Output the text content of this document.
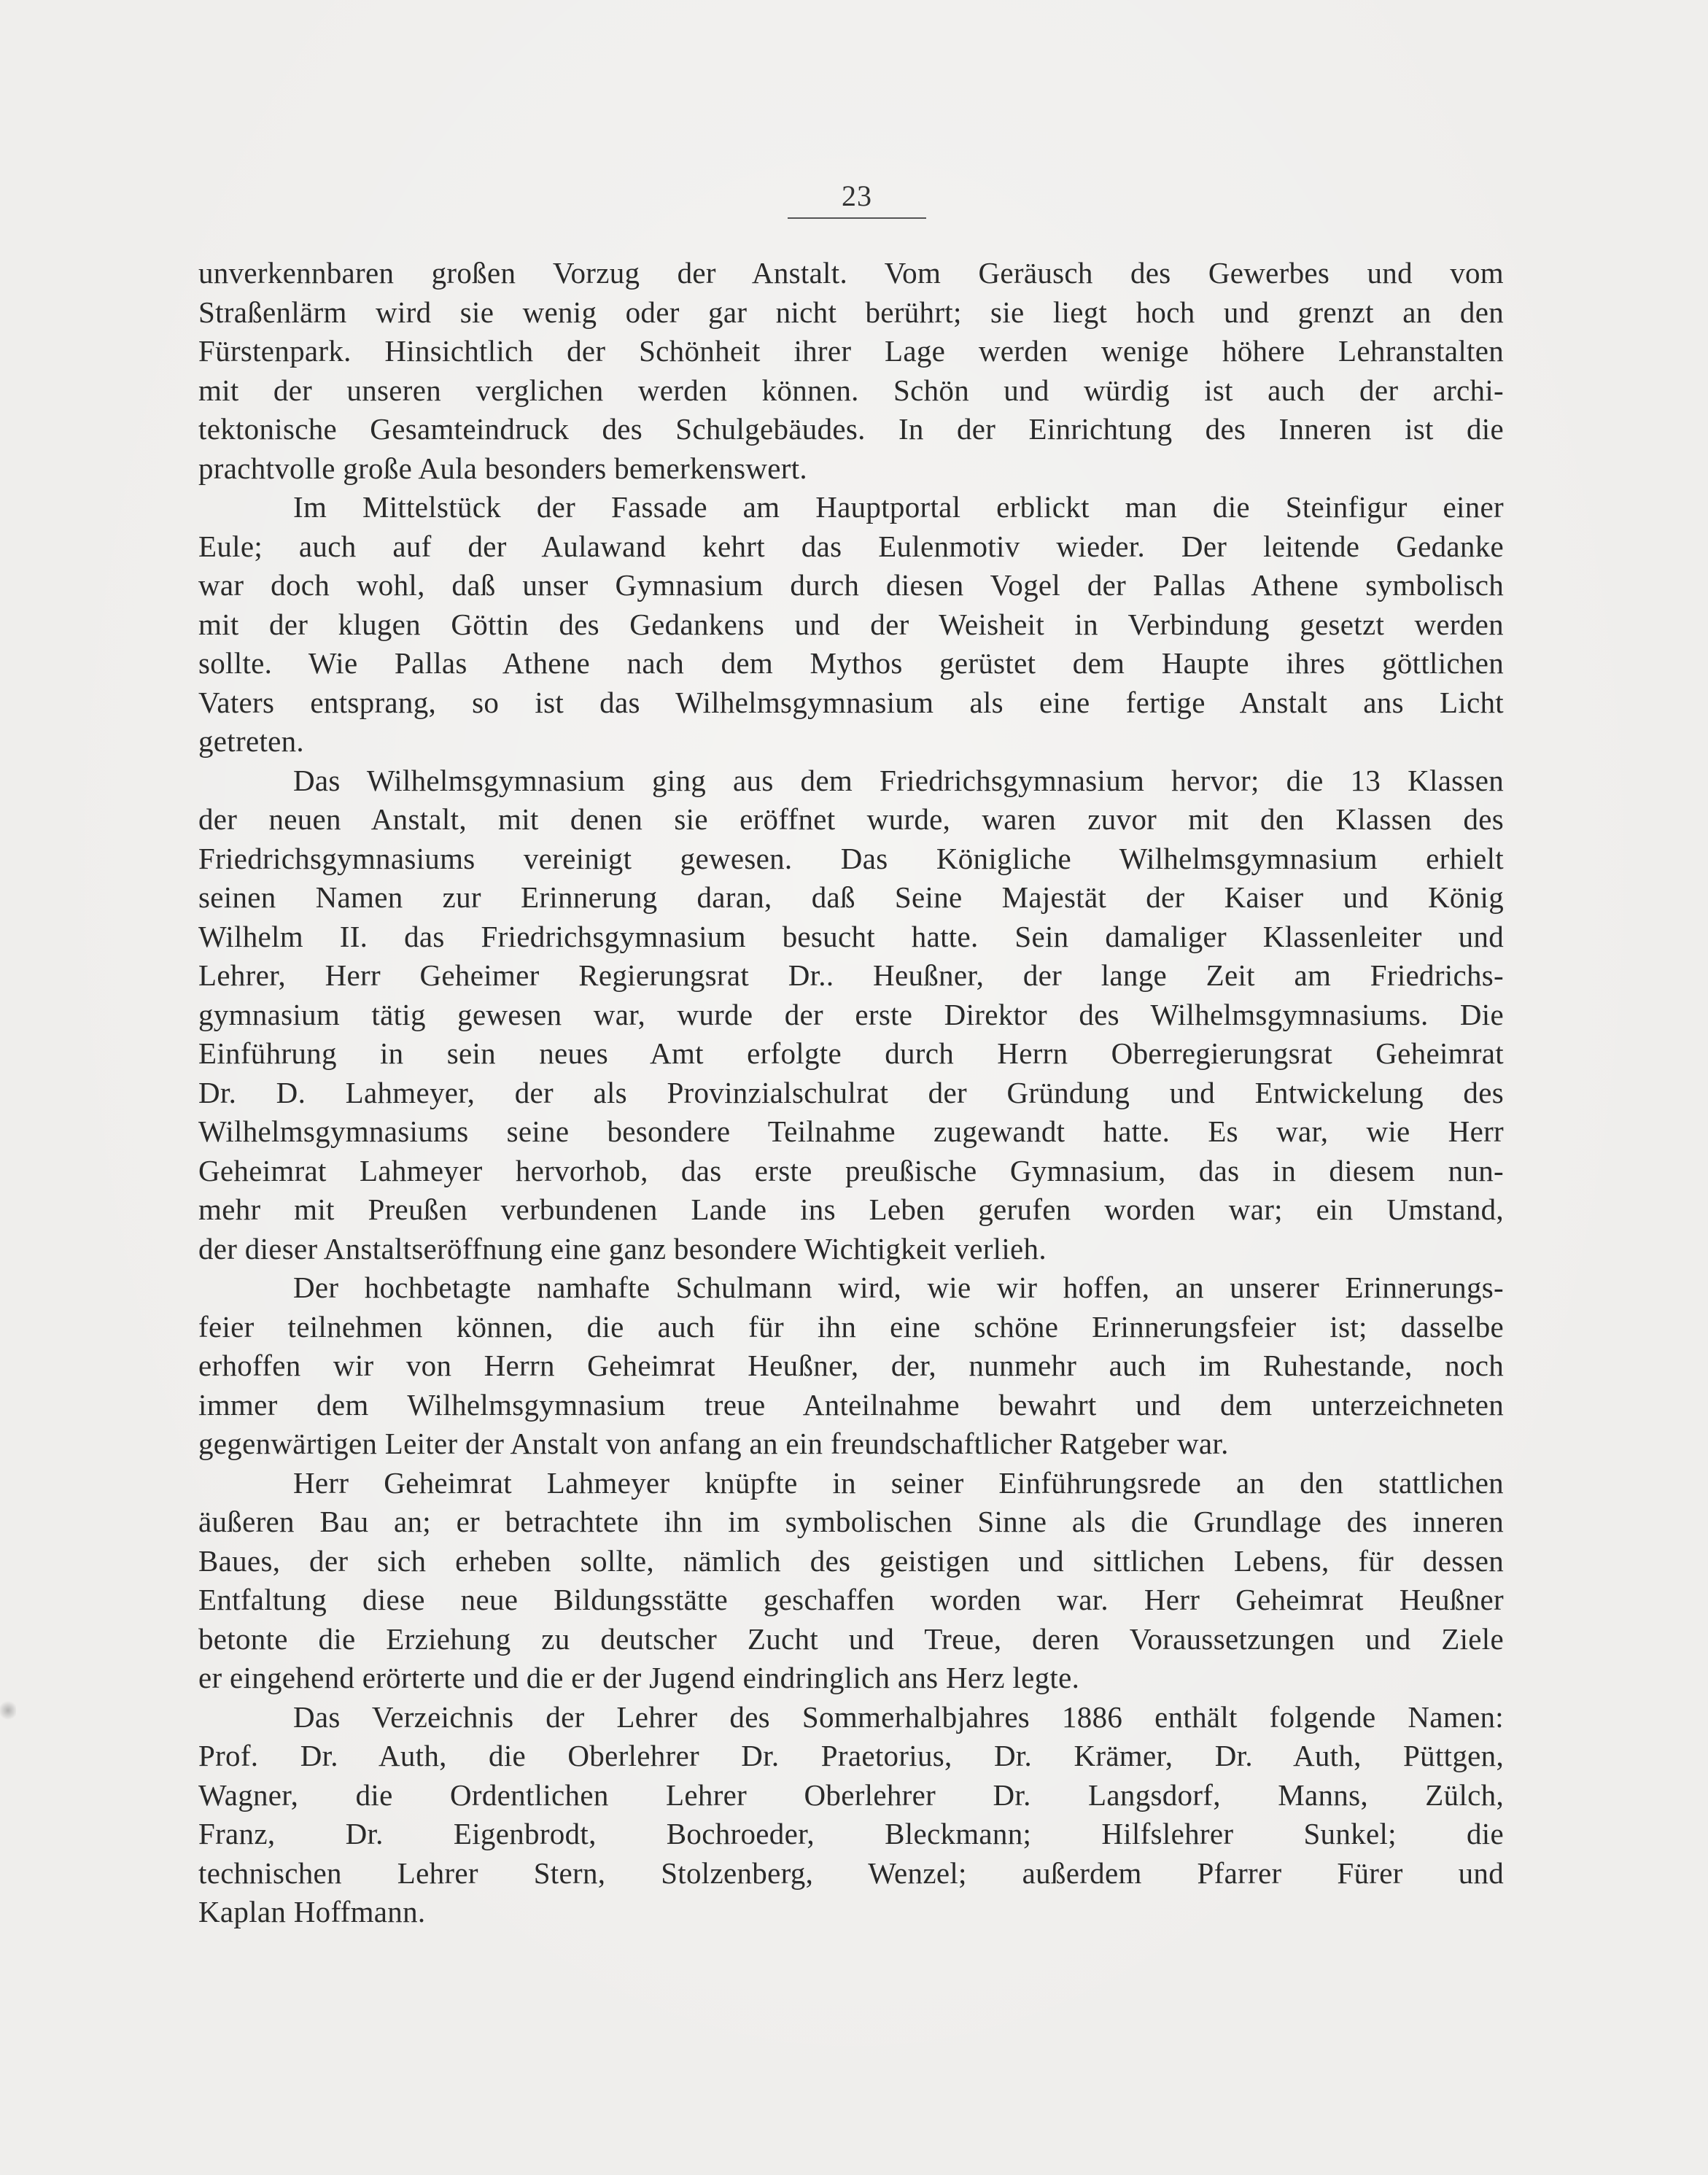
23
unverkennbaren großen Vorzug der Anstalt. Vom Geräusch des Gewerbes und vom
Straßenlärm wird sie wenig oder gar nicht berührt; sie liegt hoch und grenzt an den
Fürstenpark. Hinsichtlich der Schönheit ihrer Lage werden wenige höhere Lehranstalten
mit der unseren verglichen werden können. Schön und würdig ist auch der archi-
tektonische Gesamteindruck des Schulgebäudes. In der Einrichtung des Inneren ist die
prachtvolle große Aula besonders bemerkenswert.
Im Mittelstück der Fassade am Hauptportal erblickt man die Steinfigur einer
Eule; auch auf der Aulawand kehrt das Eulenmotiv wieder. Der leitende Gedanke
war doch wohl, daß unser Gymnasium durch diesen Vogel der Pallas Athene symbolisch
mit der klugen Göttin des Gedankens und der Weisheit in Verbindung gesetzt werden
sollte. Wie Pallas Athene nach dem Mythos gerüstet dem Haupte ihres göttlichen
Vaters entsprang, so ist das Wilhelmsgymnasium als eine fertige Anstalt ans Licht
getreten.
Das Wilhelmsgymnasium ging aus dem Friedrichsgymnasium hervor; die 13 Klassen
der neuen Anstalt, mit denen sie eröffnet wurde, waren zuvor mit den Klassen des
Friedrichsgymnasiums vereinigt gewesen. Das Königliche Wilhelmsgymnasium erhielt
seinen Namen zur Erinnerung daran, daß Seine Majestät der Kaiser und König
Wilhelm II. das Friedrichsgymnasium besucht hatte. Sein damaliger Klassenleiter und
Lehrer, Herr Geheimer Regierungsrat Dr.. Heußner, der lange Zeit am Friedrichs-
gymnasium tätig gewesen war, wurde der erste Direktor des Wilhelmsgymnasiums. Die
Einführung in sein neues Amt erfolgte durch Herrn Oberregierungsrat Geheimrat
Dr. D. Lahmeyer, der als Provinzialschulrat der Gründung und Entwickelung des
Wilhelmsgymnasiums seine besondere Teilnahme zugewandt hatte. Es war, wie Herr
Geheimrat Lahmeyer hervorhob, das erste preußische Gymnasium, das in diesem nun-
mehr mit Preußen verbundenen Lande ins Leben gerufen worden war; ein Umstand,
der dieser Anstaltseröffnung eine ganz besondere Wichtigkeit verlieh.
Der hochbetagte namhafte Schulmann wird, wie wir hoffen, an unserer Erinnerungs-
feier teilnehmen können, die auch für ihn eine schöne Erinnerungsfeier ist; dasselbe
erhoffen wir von Herrn Geheimrat Heußner, der, nunmehr auch im Ruhestande, noch
immer dem Wilhelmsgymnasium treue Anteilnahme bewahrt und dem unterzeichneten
gegenwärtigen Leiter der Anstalt von anfang an ein freundschaftlicher Ratgeber war.
Herr Geheimrat Lahmeyer knüpfte in seiner Einführungsrede an den stattlichen
äußeren Bau an; er betrachtete ihn im symbolischen Sinne als die Grundlage des inneren
Baues, der sich erheben sollte, nämlich des geistigen und sittlichen Lebens, für dessen
Entfaltung diese neue Bildungsstätte geschaffen worden war. Herr Geheimrat Heußner
betonte die Erziehung zu deutscher Zucht und Treue, deren Voraussetzungen und Ziele
er eingehend erörterte und die er der Jugend eindringlich ans Herz legte.
Das Verzeichnis der Lehrer des Sommerhalbjahres 1886 enthält folgende Namen:
Prof. Dr. Auth, die Oberlehrer Dr. Praetorius, Dr. Krämer, Dr. Auth, Püttgen,
Wagner, die Ordentlichen Lehrer Oberlehrer Dr. Langsdorf, Manns, Zülch,
Franz, Dr. Eigenbrodt, Bochroeder, Bleckmann; Hilfslehrer Sunkel; die
technischen Lehrer Stern, Stolzenberg, Wenzel; außerdem Pfarrer Fürer und
Kaplan Hoffmann.
